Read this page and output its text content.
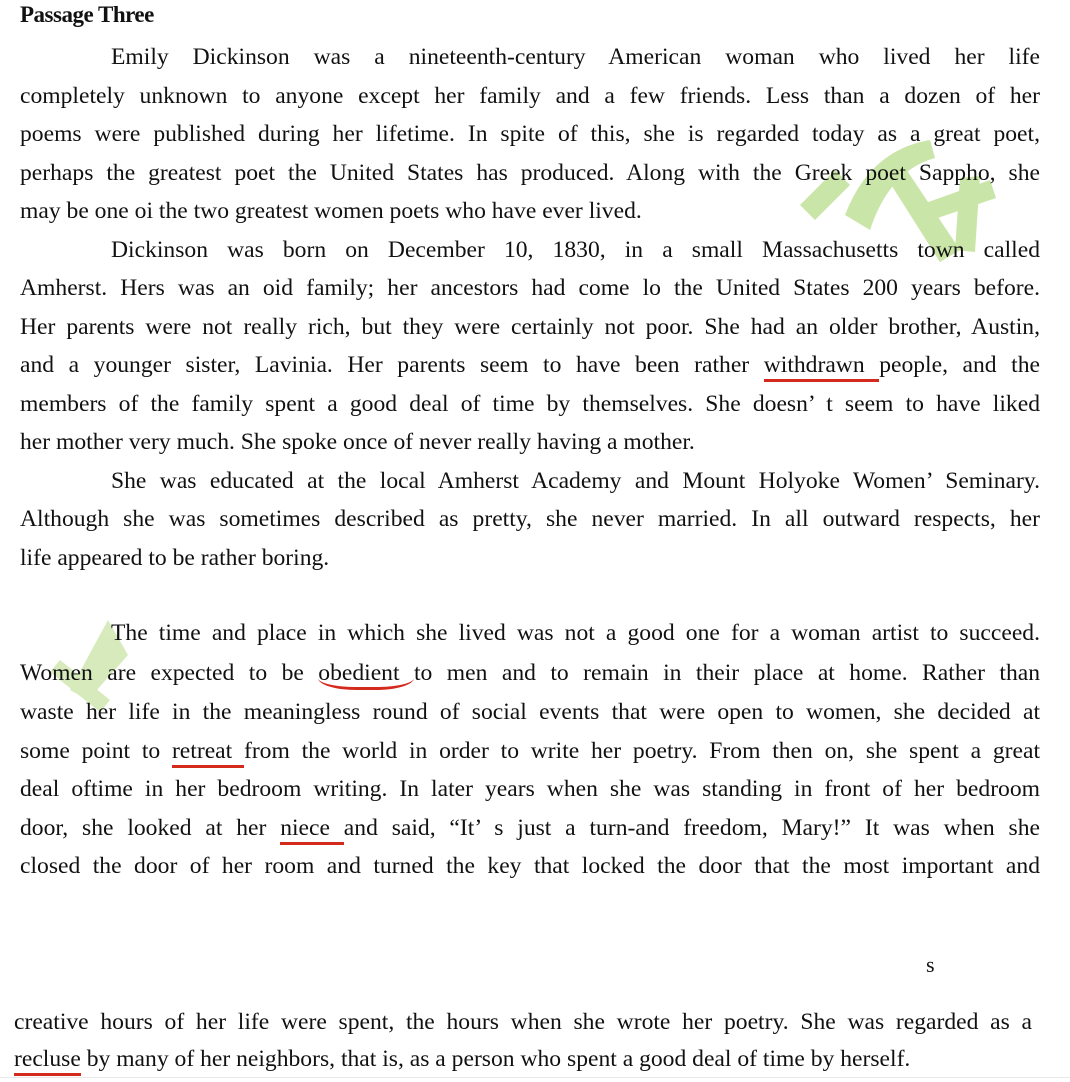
Passage Three
Emily Dickinson was a nineteenth-century American woman who lived her life
completely unknown to anyone except her family and a few friends. Less than a dozen of her
poems were published during her lifetime. In spite of this, she is regarded today as a great poet,
perhaps the greatest poet the United States has produced. Along with the Greek poet Sappho, she
may be one oi the two greatest women poets who have ever lived.
Dickinson was born on December 10, 1830, in a small Massachusetts town called
Amherst. Hers was an oid family; her ancestors had come lo the United States 200 years before.
Her parents were not really rich, but they were certainly not poor. She had an older brother, Austin,
and a younger sister, Lavinia. Her parents seem to have been rather withdrawn people, and the
members of the family spent a good deal of time by themselves. She doesn’ t seem to have liked
her mother very much. She spoke once of never really having a mother.
She was educated at the local Amherst Academy and Mount Holyoke Women’ Seminary.
Although she was sometimes described as pretty, she never married. In all outward respects, her
life appeared to be rather boring.
The time and place in which she lived was not a good one for a woman artist to succeed.
Women are expected to be obedient to men and to remain in their place at home. Rather than
waste her life in the meaningless round of social events that were open to women, she decided at
some point to retreat from the world in order to write her poetry. From then on, she spent a great
deal oftime in her bedroom writing. In later years when she was standing in front of her bedroom
door, she looked at her niece and said, “It’ s just a turn-and freedom, Mary!” It was when she
closed the door of her room and turned the key that locked the door that the most important and
s
creative hours of her life were spent, the hours when she wrote her poetry. She was regarded as a
recluse by many of her neighbors, that is, as a person who spent a good deal of time by herself.
